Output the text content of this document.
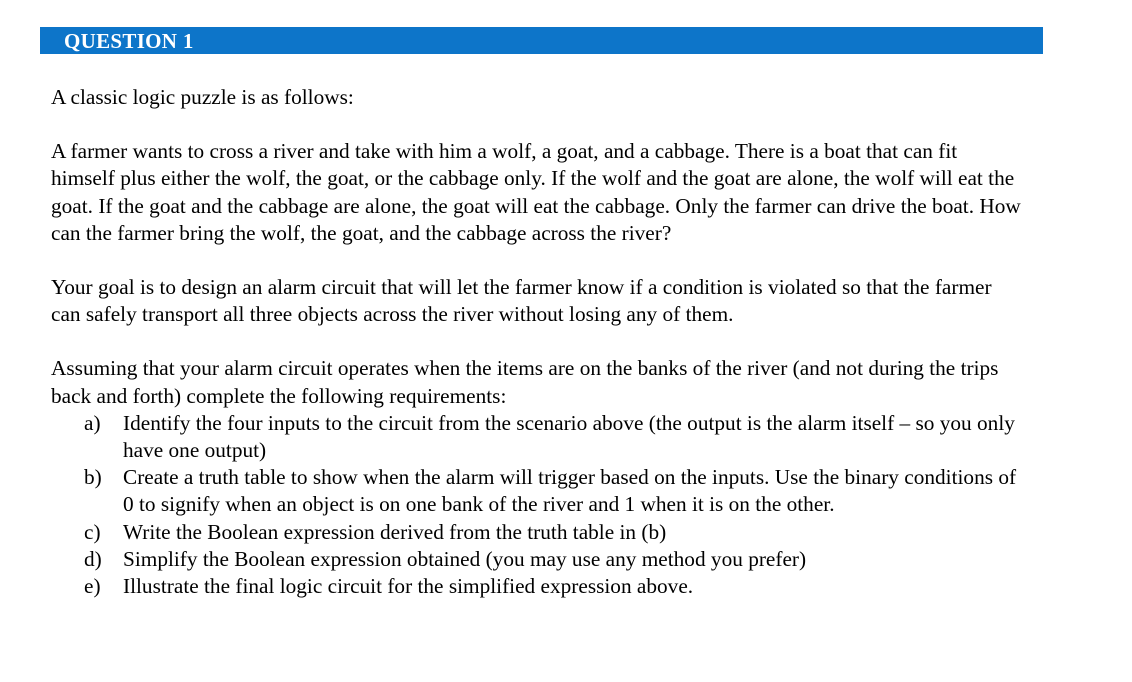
QUESTION 1

A classic logic puzzle is as follows:

A farmer wants to cross a river and take with him a wolf, a goat, and a cabbage. There is a boat that can fit himself plus either the wolf, the goat, or the cabbage only. If the wolf and the goat are alone, the wolf will eat the goat. If the goat and the cabbage are alone, the goat will eat the cabbage. Only the farmer can drive the boat. How can the farmer bring the wolf, the goat, and the cabbage across the river?

Your goal is to design an alarm circuit that will let the farmer know if a condition is violated so that the farmer can safely transport all three objects across the river without losing any of them.

Assuming that your alarm circuit operates when the items are on the banks of the river (and not during the trips back and forth) complete the following requirements:

a) Identify the four inputs to the circuit from the scenario above (the output is the alarm itself – so you only have one output)
b) Create a truth table to show when the alarm will trigger based on the inputs. Use the binary conditions of 0 to signify when an object is on one bank of the river and 1 when it is on the other.
c) Write the Boolean expression derived from the truth table in (b)
d) Simplify the Boolean expression obtained (you may use any method you prefer)
e) Illustrate the final logic circuit for the simplified expression above.
